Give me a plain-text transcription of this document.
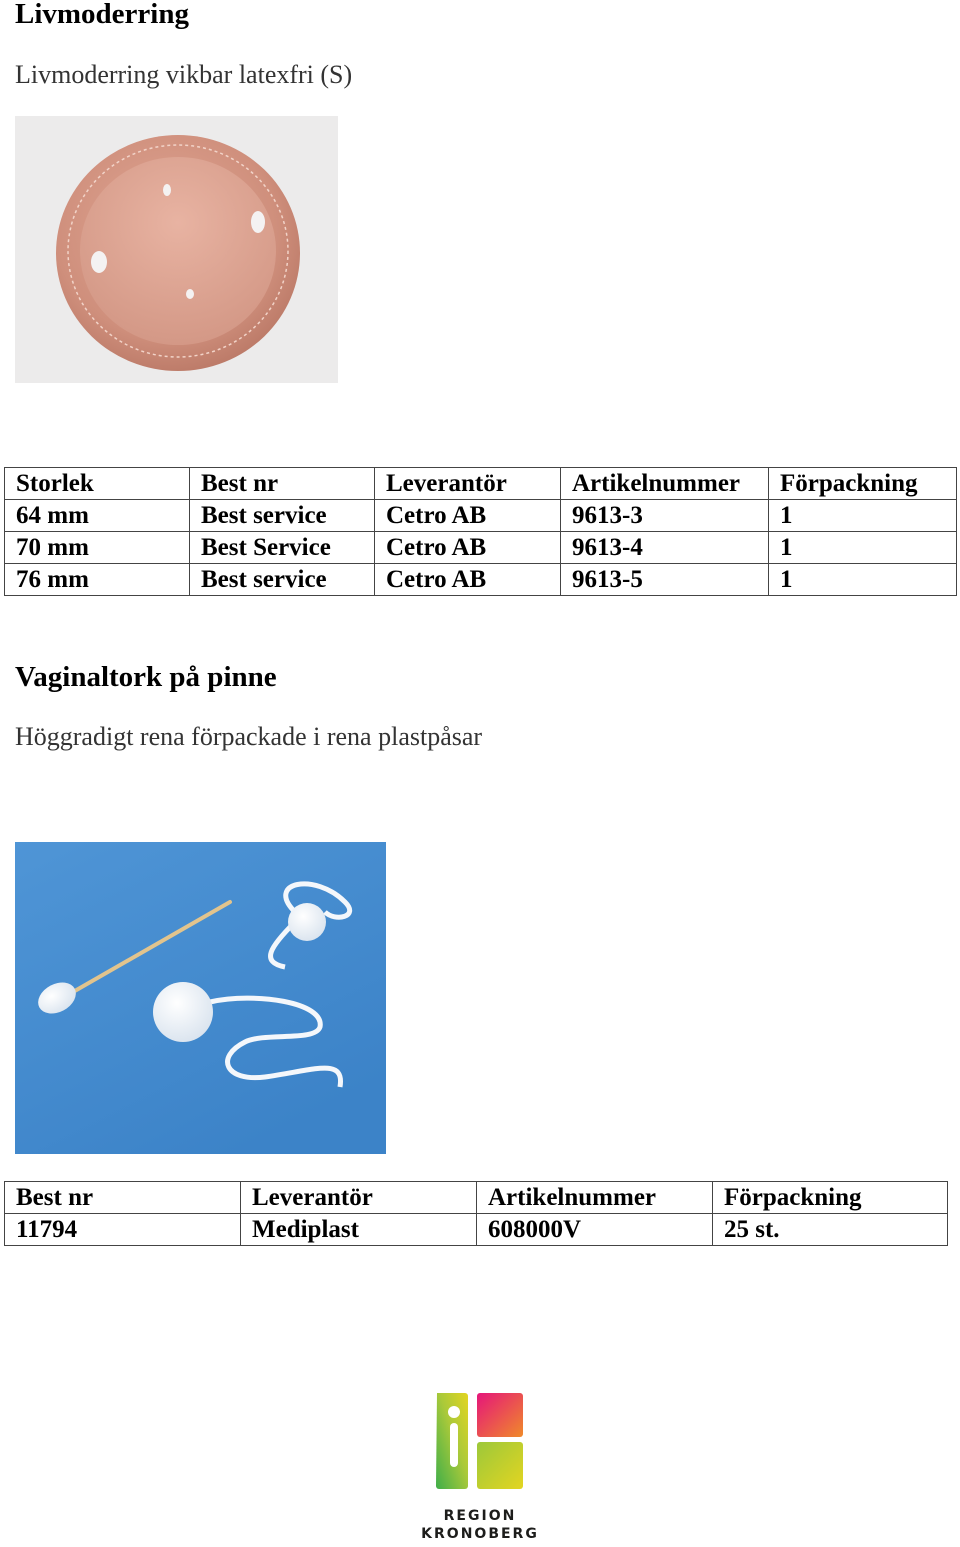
Livmoderring
Livmoderring vikbar latexfri (S)
Storlek	Best nr	Leverantör	Artikelnummer	Förpackning
64 mm	Best service	Cetro AB	9613-3	1
70 mm	Best Service	Cetro AB	9613-4	1
76 mm	Best service	Cetro AB	9613-5	1
Vaginaltork på pinne
Höggradigt rena förpackade i rena plastpåsar
Best nr	Leverantör	Artikelnummer	Förpackning
11794	Mediplast	608000V	25 st.
REGION
KRONOBERG
